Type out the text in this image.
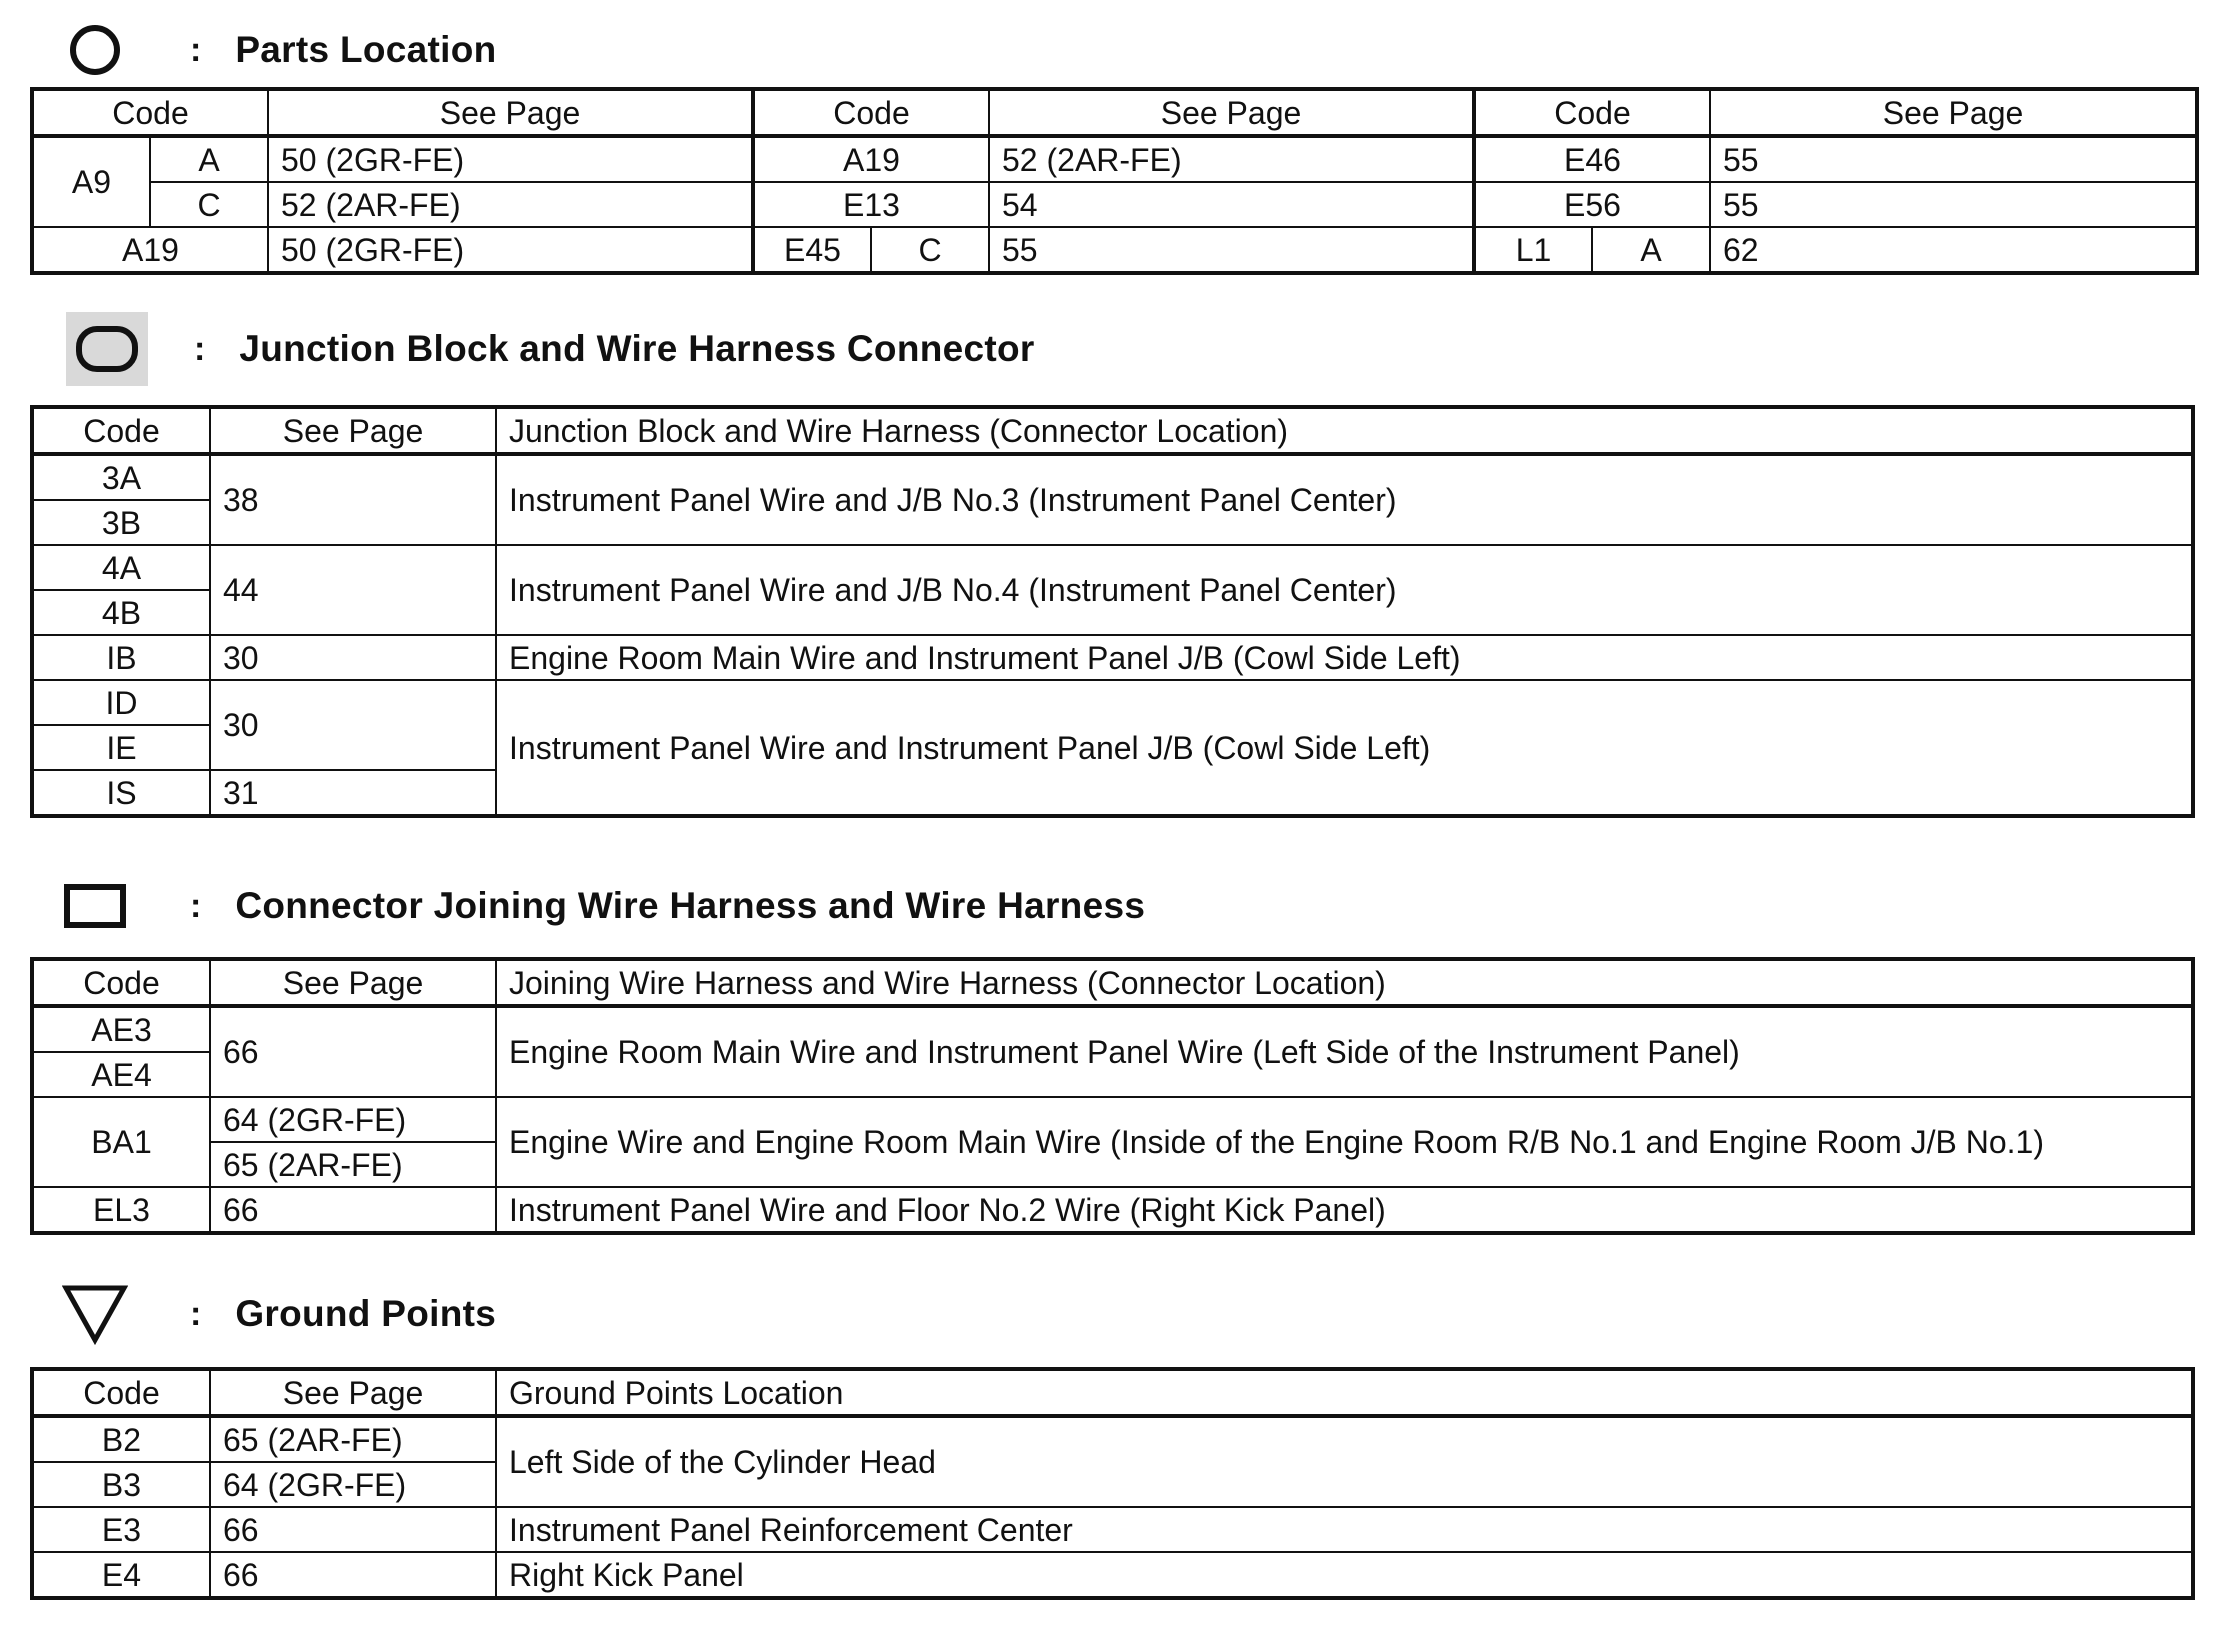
: Parts Location
Code		See Page	Code		See Page	Code		See Page
A9	A	50 (2GR-FE)	A19		52 (2AR-FE)	E46		55
	C	52 (2AR-FE)	E13		54	E56		55
A19		50 (2GR-FE)	E45	C	55	L1	A	62
: Junction Block and Wire Harness Connector
Code	See Page	Junction Block and Wire Harness (Connector Location)
3A	38	Instrument Panel Wire and J/B No.3 (Instrument Panel Center)
3B		
4A	44	Instrument Panel Wire and J/B No.4 (Instrument Panel Center)
4B		
IB	30	Engine Room Main Wire and Instrument Panel J/B (Cowl Side Left)
ID	30	Instrument Panel Wire and Instrument Panel J/B (Cowl Side Left)
IE		
IS	31	
: Connector Joining Wire Harness and Wire Harness
Code	See Page	Joining Wire Harness and Wire Harness (Connector Location)
AE3	66	Engine Room Main Wire and Instrument Panel Wire (Left Side of the Instrument Panel)
AE4		
BA1	64 (2GR-FE)	Engine Wire and Engine Room Main Wire (Inside of the Engine Room R/B No.1 and Engine Room J/B No.1)
	65 (2AR-FE)	
EL3	66	Instrument Panel Wire and Floor No.2 Wire (Right Kick Panel)
: Ground Points
Code	See Page	Ground Points Location
B2	65 (2AR-FE)	Left Side of the Cylinder Head
B3	64 (2GR-FE)	
E3	66	Instrument Panel Reinforcement Center
E4	66	Right Kick Panel
